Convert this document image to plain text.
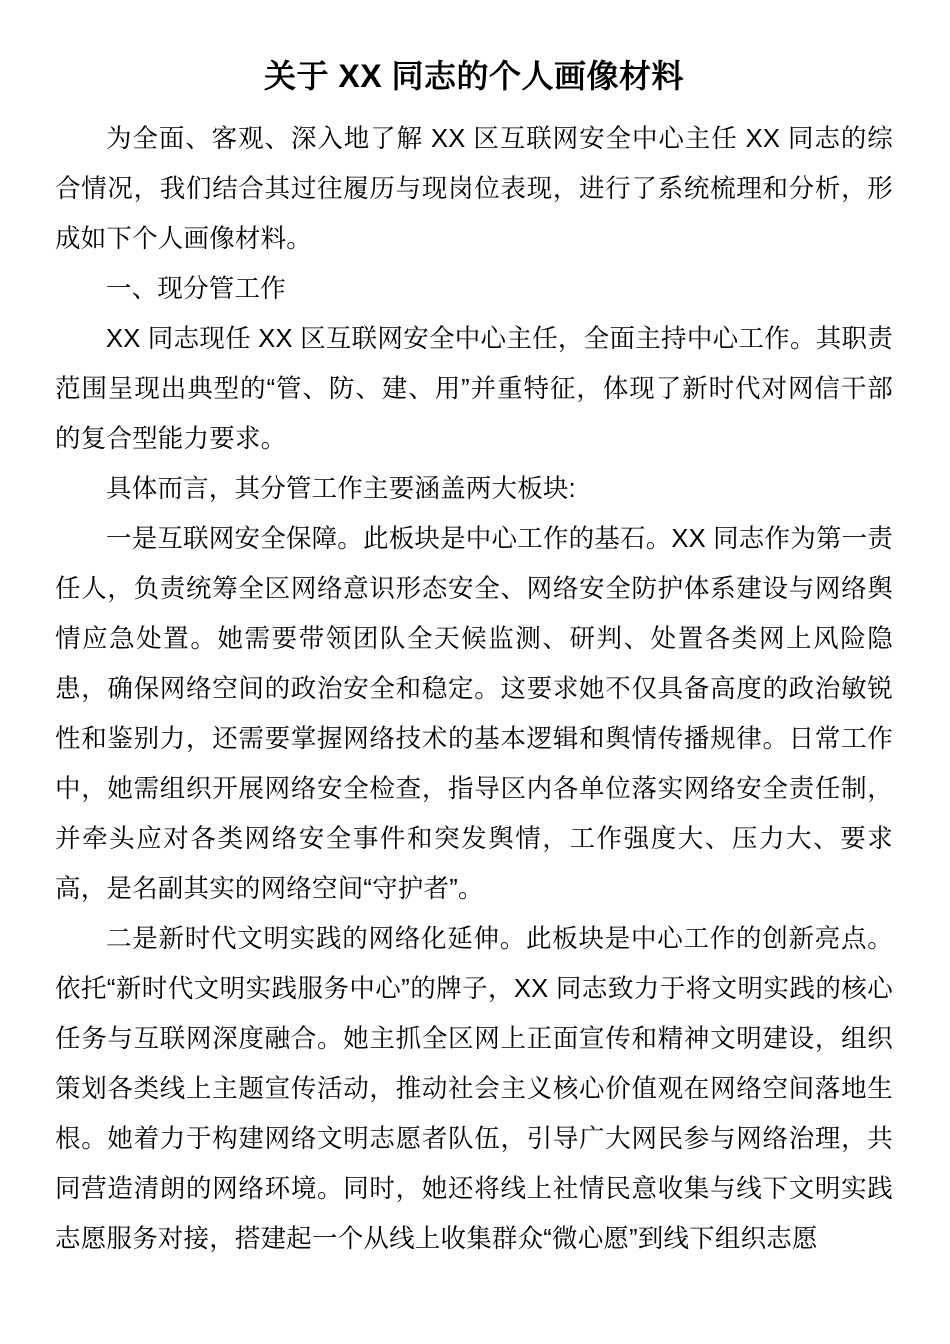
关于 XX 同志的个人画像材料

为全面、客观、深入地了解 XX 区互联网安全中心主任 XX 同志的综合情况，我们结合其过往履历与现岗位表现，进行了系统梳理和分析，形成如下个人画像材料。

一、现分管工作

XX 同志现任 XX 区互联网安全中心主任，全面主持中心工作。其职责范围呈现出典型的“管、防、建、用”并重特征，体现了新时代对网信干部的复合型能力要求。

具体而言，其分管工作主要涵盖两大板块:

一是互联网安全保障。此板块是中心工作的基石。XX 同志作为第一责任人，负责统筹全区网络意识形态安全、网络安全防护体系建设与网络舆情应急处置。她需要带领团队全天候监测、研判、处置各类网上风险隐患，确保网络空间的政治安全和稳定。这要求她不仅具备高度的政治敏锐性和鉴别力，还需要掌握网络技术的基本逻辑和舆情传播规律。日常工作中，她需组织开展网络安全检查，指导区内各单位落实网络安全责任制，并牵头应对各类网络安全事件和突发舆情，工作强度大、压力大、要求高，是名副其实的网络空间“守护者”。

二是新时代文明实践的网络化延伸。此板块是中心工作的创新亮点。依托“新时代文明实践服务中心”的牌子，XX 同志致力于将文明实践的核心任务与互联网深度融合。她主抓全区网上正面宣传和精神文明建设，组织策划各类线上主题宣传活动，推动社会主义核心价值观在网络空间落地生根。她着力于构建网络文明志愿者队伍，引导广大网民参与网络治理，共同营造清朗的网络环境。同时，她还将线上社情民意收集与线下文明实践志愿服务对接，搭建起一个从线上收集群众“微心愿”到线下组织志愿
